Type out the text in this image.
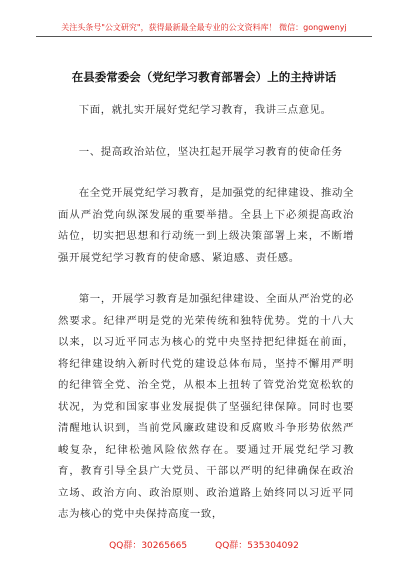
关注头条号"公文研究"，获得最新最全最专业的公文资料库！ 微信：gongwenyj
在县委常委会（党纪学习教育部署会）上的主持讲话

下面，就扎实开展好党纪学习教育，我讲三点意见。

一、提高政治站位，坚决扛起开展学习教育的使命任务

在全党开展党纪学习教育，是加强党的纪律建设、推动全面从严治党向纵深发展的重要举措。全县上下必须提高政治站位，切实把思想和行动统一到上级决策部署上来，不断增强开展党纪学习教育的使命感、紧迫感、责任感。

第一，开展学习教育是加强纪律建设、全面从严治党的必然要求。纪律严明是党的光荣传统和独特优势。党的十八大以来，以习近平同志为核心的党中央坚持把纪律挺在前面，将纪律建设纳入新时代党的建设总体布局，坚持不懈用严明的纪律管全党、治全党，从根本上扭转了管党治党宽松软的状况，为党和国家事业发展提供了坚强纪律保障。同时也要清醒地认识到，当前党风廉政建设和反腐败斗争形势依然严峻复杂，纪律松弛风险依然存在。要通过开展党纪学习教育，教育引导全县广大党员、干部以严明的纪律确保在政治立场、政治方向、政治原则、政治道路上始终同以习近平同志为核心的党中央保持高度一致，

QQ群：30265665	QQ群：535304092
